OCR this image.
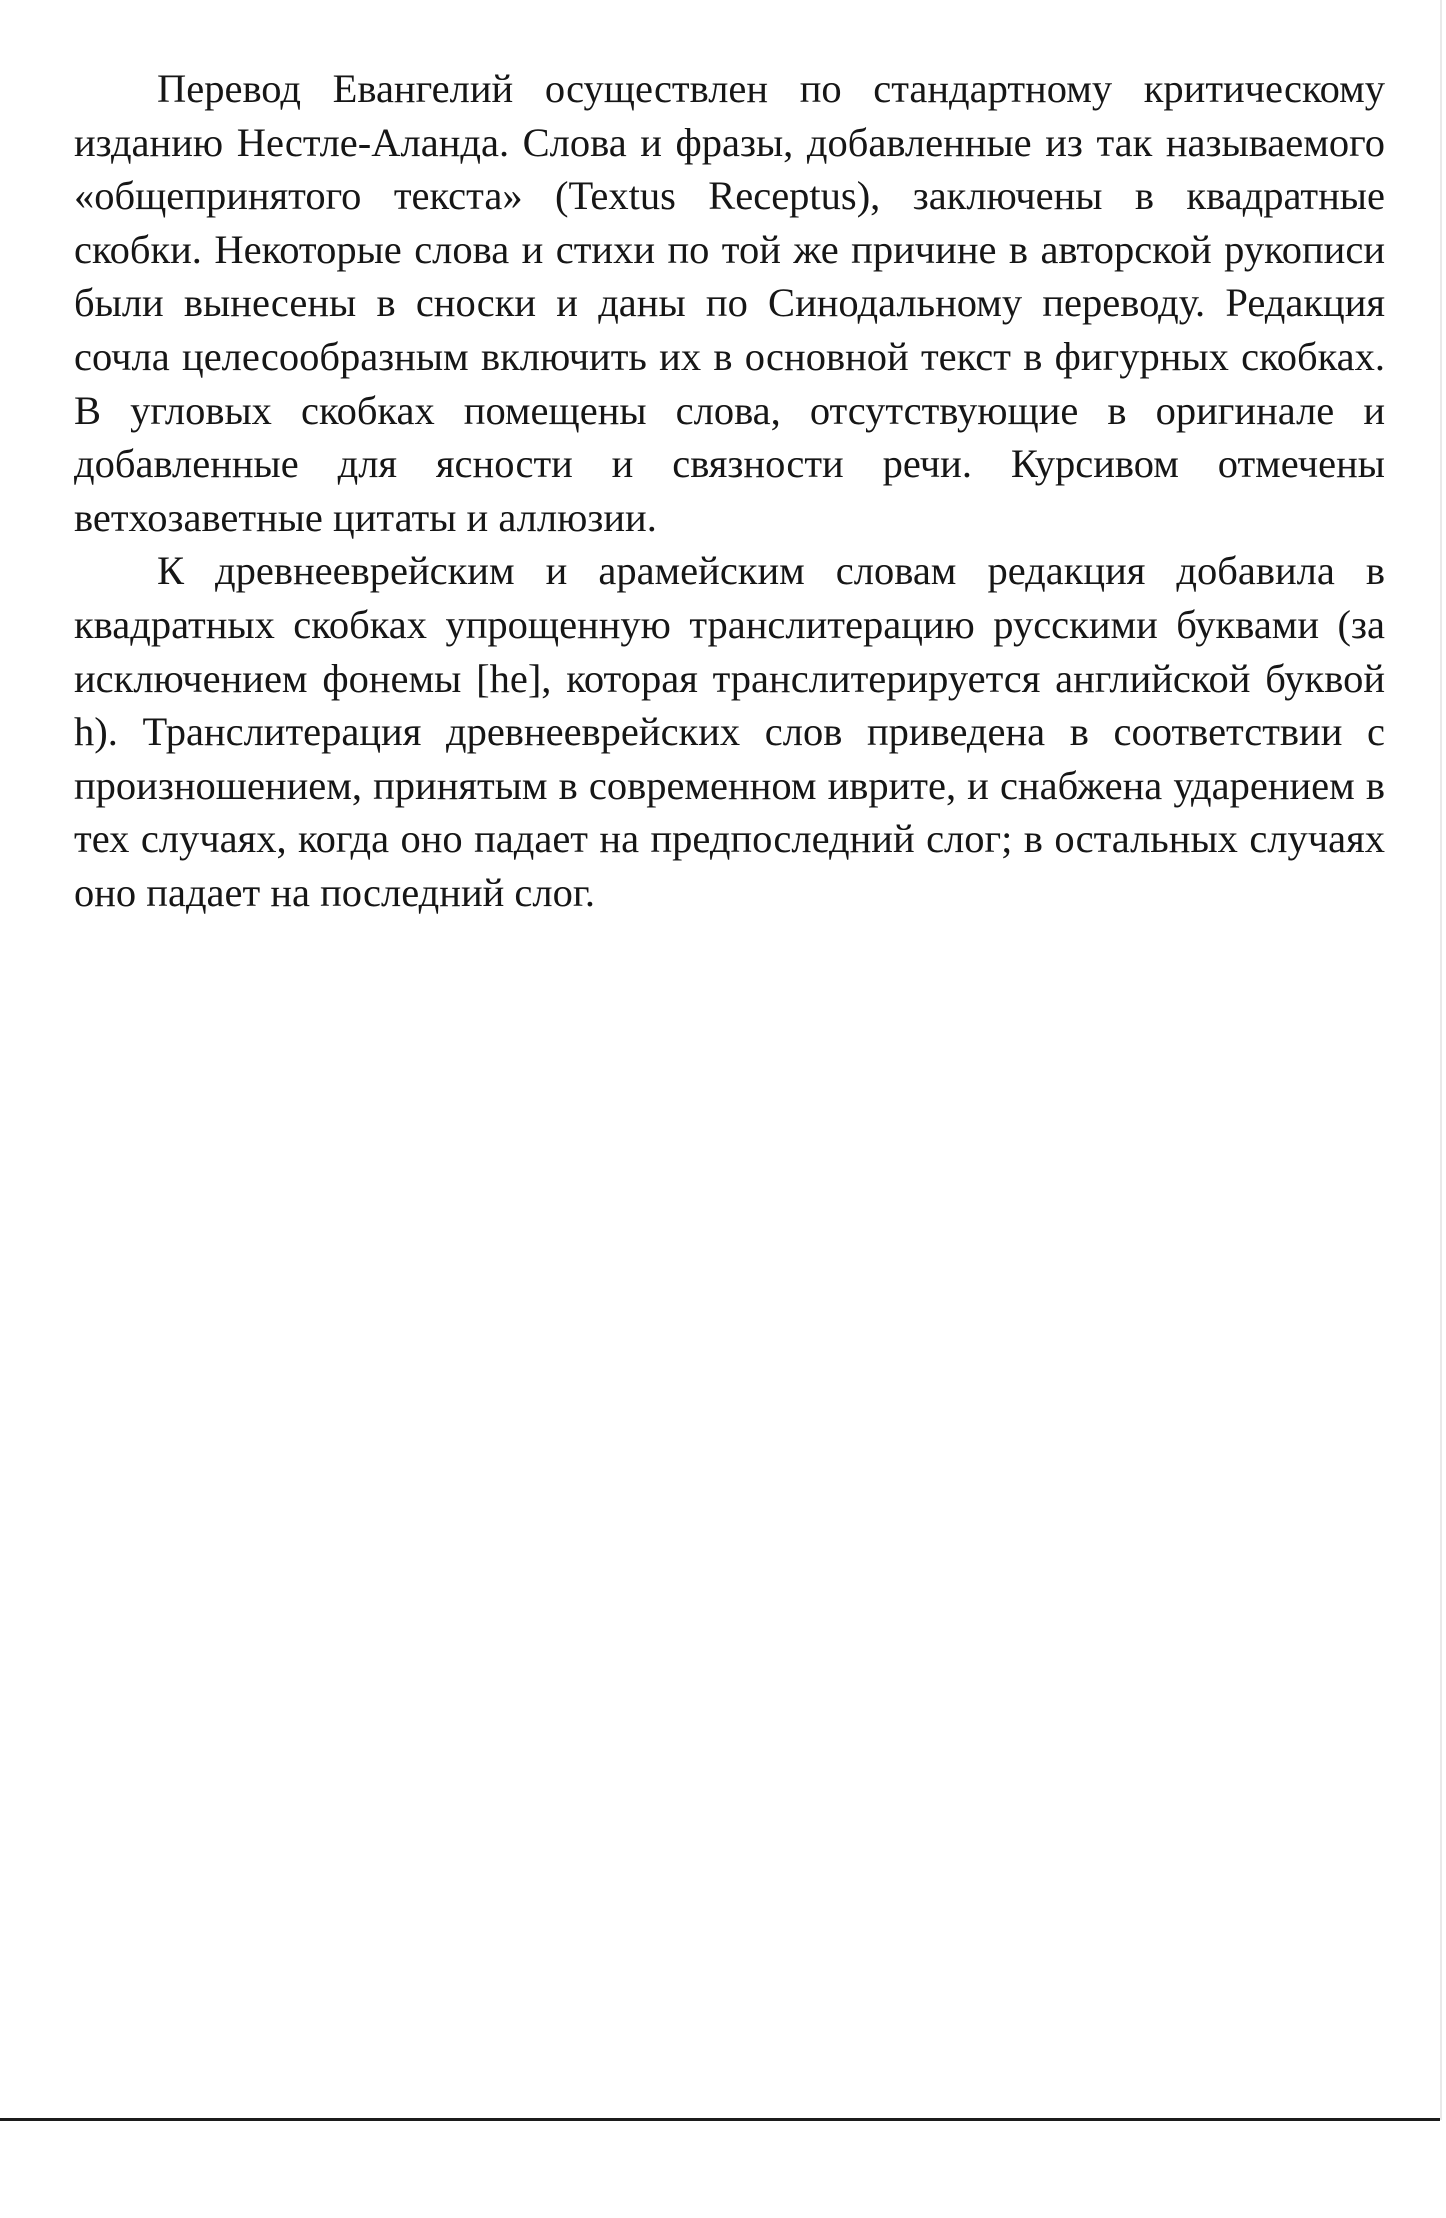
Перевод Евангелий осуществлен по стандартному критическому изданию Нестле-Аланда. Слова и фразы, добавленные из так называемого «общепринятого текста» (Textus Receptus), заключены в квадратные скобки. Некоторые слова и стихи по той же причине в авторской рукописи были вынесены в сноски и даны по Синодальному переводу. Редакция сочла целесообразным включить их в основной текст в фигурных скобках. В угловых скобках помещены слова, отсутствующие в оригинале и добавленные для ясности и связности речи. Курсивом отмечены ветхозаветные цитаты и аллюзии.

К древнееврейским и арамейским словам редакция добавила в квадратных скобках упрощенную транслитерацию русскими буквами (за исключением фонемы [he], которая транслитерируется английской буквой h). Транслитерация древнееврейских слов приведена в соответствии с произношением, принятым в современном иврите, и снабжена ударением в тех случаях, когда оно падает на предпоследний слог; в остальных случаях оно падает на последний слог.
